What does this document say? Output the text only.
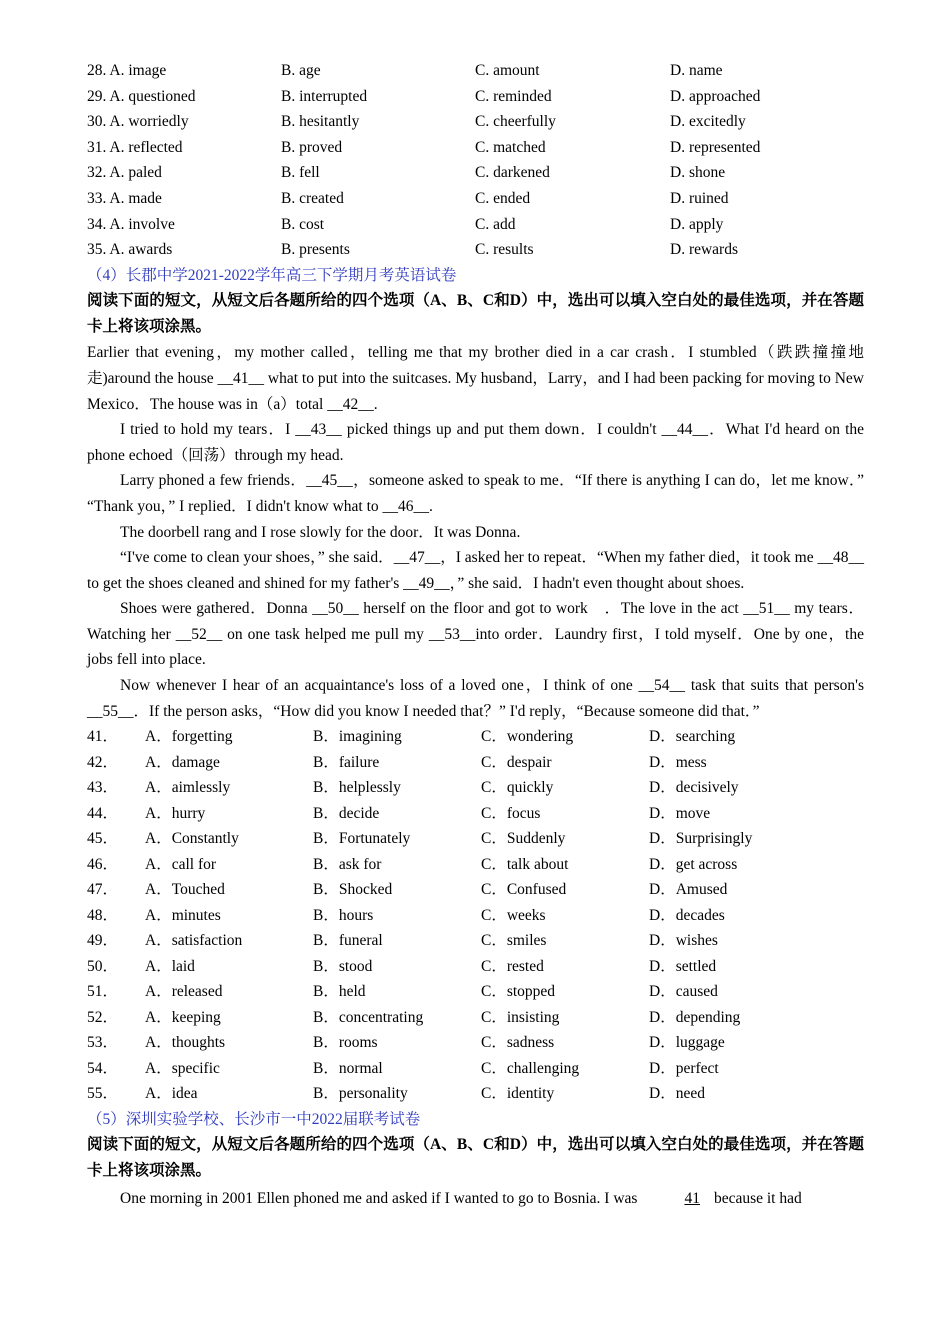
28. A. image	B. age	C. amount	D. name
29. A. questioned	B. interrupted	C. reminded	D. approached
30. A. worriedly	B. hesitantly	C. cheerfully	D. excitedly
31. A. reflected	B. proved	C. matched	D. represented
32. A. paled	B. fell	C. darkened	D. shone
33. A. made	B. created	C. ended	D. ruined
34. A. involve	B. cost	C. add	D. apply
35. A. awards	B. presents	C. results	D. rewards
（4）长郡中学2021-2022学年高三下学期月考英语试卷
阅读下面的短文，从短文后各题所给的四个选项（A、B、C和D）中，选出可以填入空白处的最佳选项，并在答题卡上将该项涂黑。
Earlier that evening，my mother called，telling me that my brother died in a car crash．I stumbled（跌跌撞撞地走)around the house __41__ what to put into the suitcases. My husband，Larry，and I had been packing for moving to New Mexico．The house was in（a）total __42__.
I tried to hold my tears．I __43__ picked things up and put them down．I couldn't __44__．What I'd heard on the phone echoed（回荡）through my head.
Larry phoned a few friends．__45__，someone asked to speak to me．“If there is anything I can do，let me know．” “Thank you，” I replied．I didn't know what to __46__.
The doorbell rang and I rose slowly for the door．It was Donna.
“I've come to clean your shoes，” she said．__47__，I asked her to repeat．“When my father died，it took me __48__ to get the shoes cleaned and shined for my father's __49__，” she said．I hadn't even thought about shoes.
Shoes were gathered．Donna __50__ herself on the floor and got to work　．The love in the act __51__ my tears．Watching her __52__ on one task helped me pull my __53__into order．Laundry first，I told myself．One by one，the jobs fell into place.
Now whenever I hear of an acquaintance's loss of a loved one，I think of one __54__ task that suits that person's __55__．If the person asks，“How did you know I needed that？” I'd reply，“Because someone did that．”
41．	A．forgetting	B．imagining	C．wondering	D．searching
42．	A．damage	B．failure	C．despair	D．mess
43．	A．aimlessly	B．helplessly	C．quickly	D．decisively
44．	A．hurry	B．decide	C．focus	D．move
45．	A．Constantly	B．Fortunately	C．Suddenly	D．Surprisingly
46．	A．call for	B．ask for	C．talk about	D．get across
47．	A．Touched	B．Shocked	C．Confused	D．Amused
48．	A．minutes	B．hours	C．weeks	D．decades
49．	A．satisfaction	B．funeral	C．smiles	D．wishes
50．	A．laid	B．stood	C．rested	D．settled
51．	A．released	B．held	C．stopped	D．caused
52．	A．keeping	B．concentrating	C．insisting	D．depending
53．	A．thoughts	B．rooms	C．sadness	D．luggage
54．	A．specific	B．normal	C．challenging	D．perfect
55．	A．idea	B．personality	C．identity	D．need
（5）深圳实验学校、长沙市一中2022届联考试卷
阅读下面的短文，从短文后各题所给的四个选项（A、B、C和D）中，选出可以填入空白处的最佳选项，并在答题卡上将该项涂黑。
One morning in 2001 Ellen phoned me and asked if I wanted to go to Bosnia. I was	41 because it had
